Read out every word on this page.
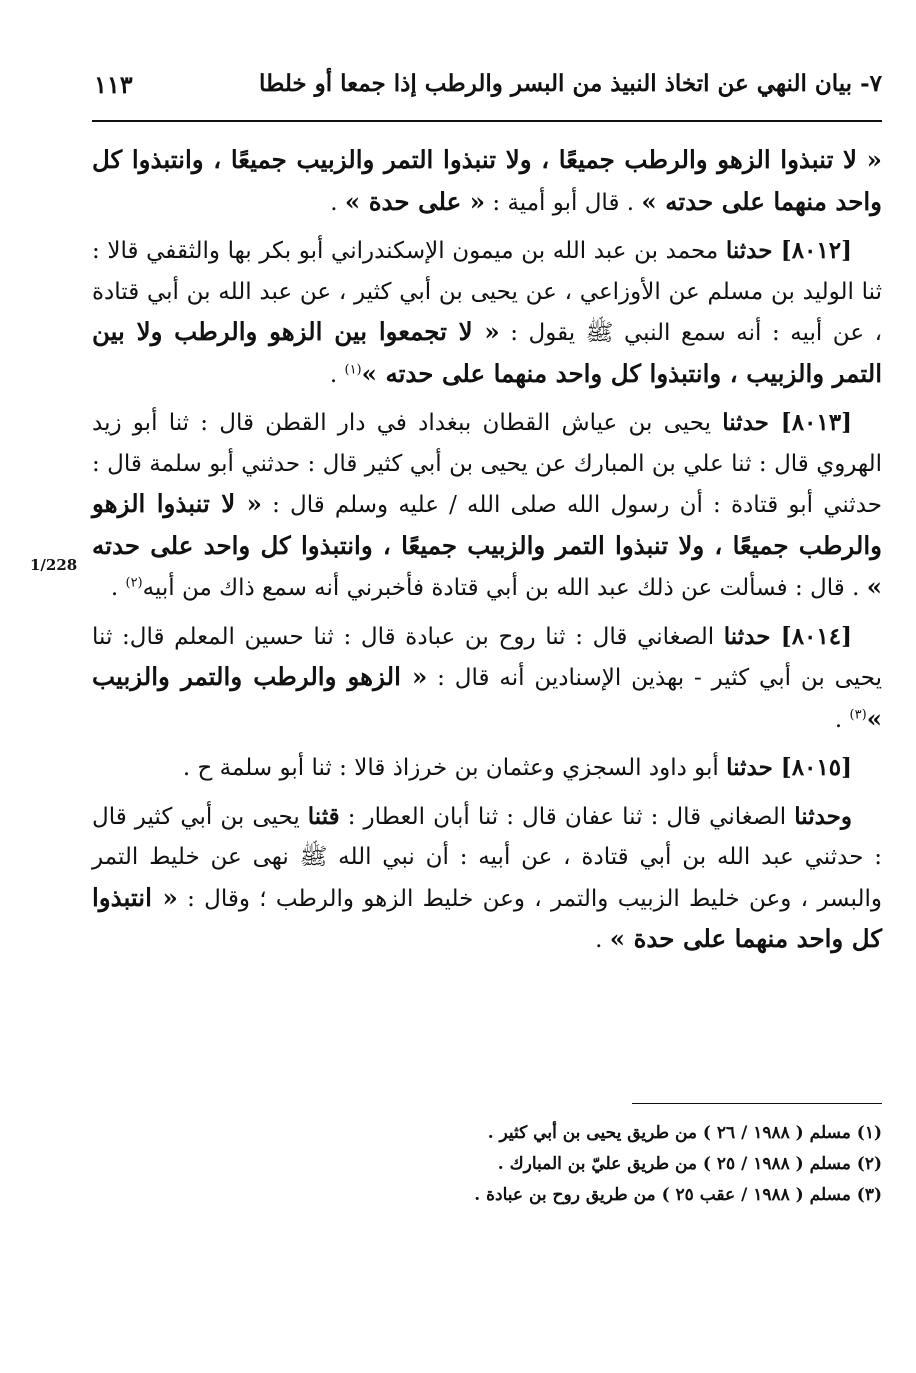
٧- بيان النهي عن اتخاذ النبيذ من البسر والرطب إذا جمعا أو خلطا
١١٣
1/228

« لا تنبذوا الزهو والرطب جميعًا ، ولا تنبذوا التمر والزبيب جميعًا ، وانتبذوا كل واحد منهما على حدته » . قال أبو أمية : « على حدة » .

[٨٠١٢] حدثنا محمد بن عبد الله بن ميمون الإسكندراني أبو بكر بها والثقفي قالا : ثنا الوليد بن مسلم عن الأوزاعي ، عن يحيى بن أبي كثير ، عن عبد الله بن أبي قتادة ، عن أبيه : أنه سمع النبي ﷺ يقول : « لا تجمعوا بين الزهو والرطب ولا بين التمر والزبيب ، وانتبذوا كل واحد منهما على حدته »$^{(١)}$ .

[٨٠١٣] حدثنا يحيى بن عياش القطان ببغداد في دار القطن قال : ثنا أبو زيد الهروي قال : ثنا علي بن المبارك عن يحيى بن أبي كثير قال : حدثني أبو سلمة قال : حدثني أبو قتادة : أن رسول الله صلى الله / عليه وسلم قال : « لا تنبذوا الزهو والرطب جميعًا ، ولا تنبذوا التمر والزبيب جميعًا ، وانتبذوا كل واحد على حدته » . قال : فسألت عن ذلك عبد الله بن أبي قتادة فأخبرني أنه سمع ذاك من أبيه$^{(٢)}$ .

[٨٠١٤] حدثنا الصغاني قال : ثنا روح بن عبادة قال : ثنا حسين المعلم قال: ثنا يحيى بن أبي كثير - بهذين الإسنادين أنه قال : « الزهو والرطب والتمر والزبيب »$^{(٣)}$ .

[٨٠١٥] حدثنا أبو داود السجزي وعثمان بن خرزاذ قالا : ثنا أبو سلمة ح .

وحدثنا الصغاني قال : ثنا عفان قال : ثنا أبان العطار : قثنا يحيى بن أبي كثير قال : حدثني عبد الله بن أبي قتادة ، عن أبيه : أن نبي الله ﷺ نهى عن خليط التمر والبسر ، وعن خليط الزبيب والتمر ، وعن خليط الزهو والرطب ؛ وقال : « انتبذوا كل واحد منهما على حدة » .

(١) مسلم ( ١٩٨٨ / ٢٦ ) من طريق يحيى بن أبي كثير .
(٢) مسلم ( ١٩٨٨ / ٢٥ ) من طريق عليّ بن المبارك .
(٣) مسلم ( ١٩٨٨ / عقب ٢٥ ) من طريق روح بن عبادة .
